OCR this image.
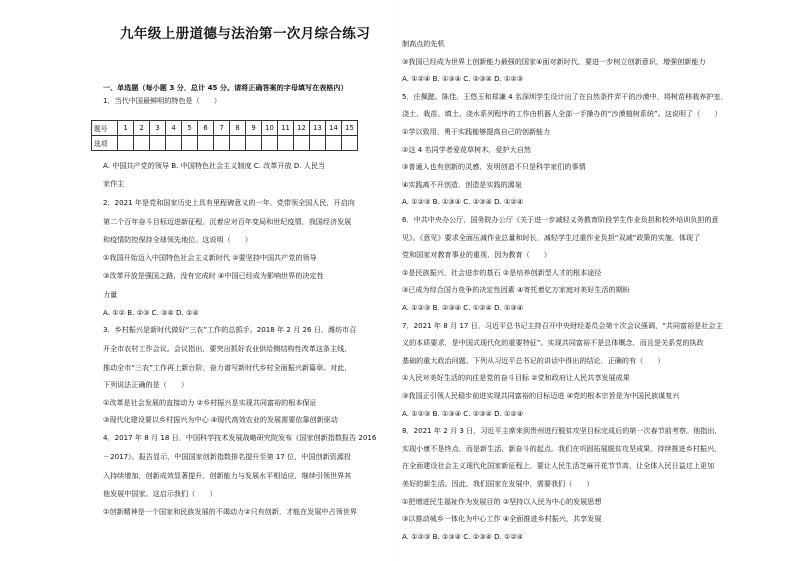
九年级上册道德与法治第一次月综合练习
一、单选题（每小题 3 分，总计 45 分。请将正确答案的字母填写在表格内）
1．当代中国最鲜明的特色是（　　）
题号	1	2	3	4	5	6	7	8	9	10	11	12	13	14	15
选项															
A. 中国共产党的领导 B. 中国特色社会主义制度 C. 改革开放 D. 人民当
家作主
2．2021 年是党和国家历史上具有里程碑意义的一年，党带领全国人民，开启向
第二个百年奋斗目标迈进新征程，沉着应对百年变局和世纪疫情，我国经济发展
和疫情防控保持全球领先地位。这说明（　　）
①我国开始迈入中国特色社会主义新时代 ②要坚持中国共产党的领导
③改革开放是强国之路，没有完成时 ④中国已经成为影响世界的决定性
力量
A. ①② B. ②③ C. ③④ D. ①④
3．乡村振兴是新时代做好“三农”工作的总抓手。2018 年 2 月 26 日，潍坊市召
开全市农村工作会议。会议指出，要突出抓好农业供给侧结构性改革这条主线，
推动全市“三农”工作再上新台阶，奋力谱写新时代乡村全面振兴新篇章。对此，
下列说法正确的是（　　）
①改革是社会发展的直接动力 ②乡村振兴是实现共同富裕的根本保证
③现代化建设要以乡村振兴为中心 ④现代高效农业的发展需要依靠创新驱动
4．2017 年 8 月 18 日，中国科学技术发展战略研究院发布《国家创新指数报告 2016
－2017》。报告显示，中国国家创新指数排名提升至第 17 位，中国创新资源投
入持续增加，创新成效显著提升，创新能力与发展水平相适应，继续引领世界其
他发展中国家。这启示我们（　　）
①创新精神是一个国家和民族发展的不竭动力②只有创新，才能在发展中占领世界
制高点的先机
③我国已经成为世界上创新能力最强的国家④面对新时代，要进一步树立创新意识，增强创新能力
A. ①②④ B. ①③④ C. ②③④ D. ①②③
5．庄佩懿、陈佳、王悠玉和郑谦 4 名深圳学生设计出了在自然条件弄干的沙漠中，将树苗移栽养护室，
浇土、栽苗、填土、浇水系列程序的工作由机器人全部一手操办的“沙漠植树系统”。这说明了（　　）
①学以致用，勇于实践能够提高自己的创新能力
②这 4 名同学者爱花草树木，爱护大自然
③普通人也有创新的灵感，发明创造不只是科学家们的事情
④实践离不开创造，创造是实践的源泉
A. ①②③ B. ①③④ C. ②③④ D. ①②④
6．中共中央办公厅、国务院办公厅《关于进一步减轻义务教育阶段学生作业负担和校外培训负担的意
见》。《意见》要求全面压减作业总量和时长，减轻学生过重作业负担“双减”政策的实施，体现了
党和国家对教育事业的重视，因为教育（　　）
①是民族振兴，社会进步的基石 ②是培养创新型人才的根本途径
③已成为综合国力竞争的决定性因素 ④寄托着亿万家庭对美好生活的期盼
A. ①②③ B. ②③④ C. ①②④ D. ①③④
7．2021 年 8 月 17 日，习近平总书记主持召开中央财经委员会第十次会议强调，“共同富裕是社会主
义的本质要求，是中国式现代化的重要特征”。实现共同富裕不是总体概念，而且是关系党的执政
基础的重大政治问题。下列从习近平总书记的讲话中得出的结论，正确的有（　　）
①人民对美好生活的向往是党的奋斗目标 ②党和政府让人民共享发展成果
③我国正引领人民稳步前进实现共同富裕的目标迈进 ④党的根本宗旨是为中国民族谋复兴
A. ①②③ B. ①③④ C. ②③④ D. ①②④
8．2021 年 2 月 3 日，习近平主席来到贵州进行脱贫攻坚目标完成后的第一次春节前考察。他指出，
实现小康不是终点，而是新生活、新奋斗的起点。我们在巩固拓展脱贫攻坚成果，持续推进乡村振兴，
在全面建设社会主义现代化国家新征程上，要让人民生活芝麻开花节节高，让全体人民日益过上更加
美好的新生活。因此，我们国家在发展中，需要我们（　　）
①把增进民生福祉作为发展目的 ②坚持以人民为中心的发展思想
③以推动城乡一体化为中心工作 ④全面推进乡村振兴，共享发展
A. ①②③ B. ①③④ C. ②③④ D. ①②④
